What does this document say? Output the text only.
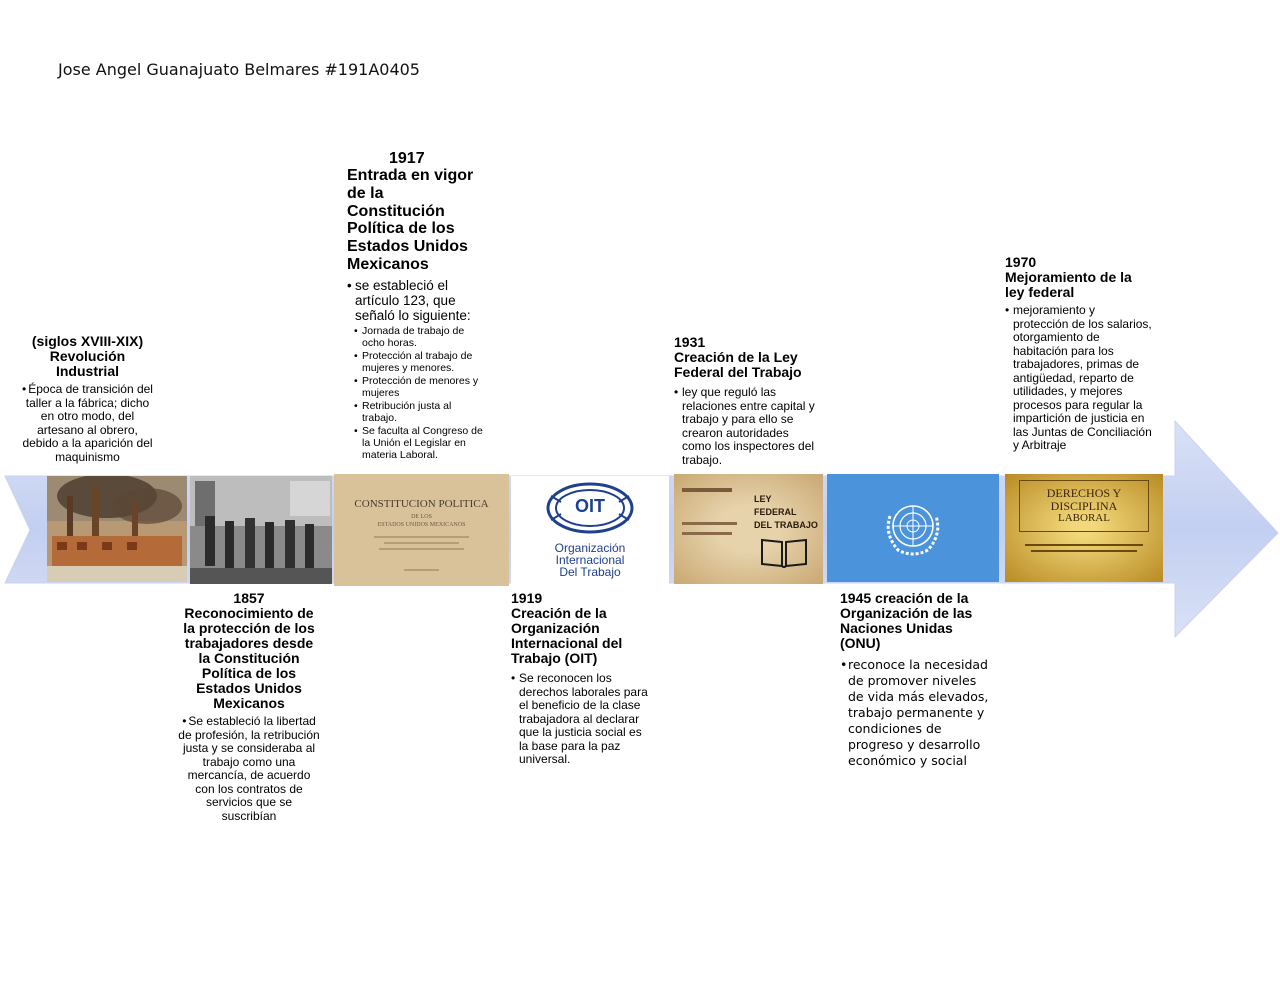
Jose Angel Guanajuato Belmares #191A0405
CONSTITUCION POLITICA
DE LOS
ESTADOS UNIDOS MEXICANOS
OIT
Organización
Internacional
Del Trabajo
LEY
FEDERAL
DEL TRABAJO
DERECHOS Y
DISCIPLINA
LABORAL
(siglos XVIII-XIX)
Revolución
Industrial
• Época de transición del taller a la fábrica; dicho en otro modo, del artesano al obrero, debido a la aparición del maquinismo
1857
Reconocimiento de la protección de los trabajadores desde la Constitución Política de los Estados Unidos Mexicanos
• Se estableció la libertad de profesión, la retribución justa y se consideraba al trabajo como una mercancía, de acuerdo con los contratos de servicios que se suscribían
1917
Entrada en vigor de la Constitución Política de los Estados Unidos Mexicanos
• se estableció el artículo 123, que señaló lo siguiente:
• Jornada de trabajo de ocho horas.
• Protección al trabajo de mujeres y menores.
• Protección de menores y mujeres
• Retribución justa al trabajo.
• Se faculta al Congreso de la Unión el Legislar en materia Laboral.
1919
Creación de la Organización Internacional del Trabajo (OIT)
• Se reconocen los derechos laborales para el beneficio de la clase trabajadora al declarar que la justicia social es la base para la paz universal.
1931
Creación de la Ley Federal del Trabajo
• ley que reguló las relaciones entre capital y trabajo y para ello se crearon autoridades como los inspectores del trabajo.
1945 creación de la Organización de las Naciones Unidas (ONU)
• reconoce la necesidad de promover niveles de vida más elevados, trabajo permanente y condiciones de progreso y desarrollo económico y social
1970
Mejoramiento de la ley federal
• mejoramiento y protección de los salarios, otorgamiento de habitación para los trabajadores, primas de antigüedad, reparto de utilidades, y mejores procesos para regular la impartición de justicia en las Juntas de Conciliación y Arbitraje
